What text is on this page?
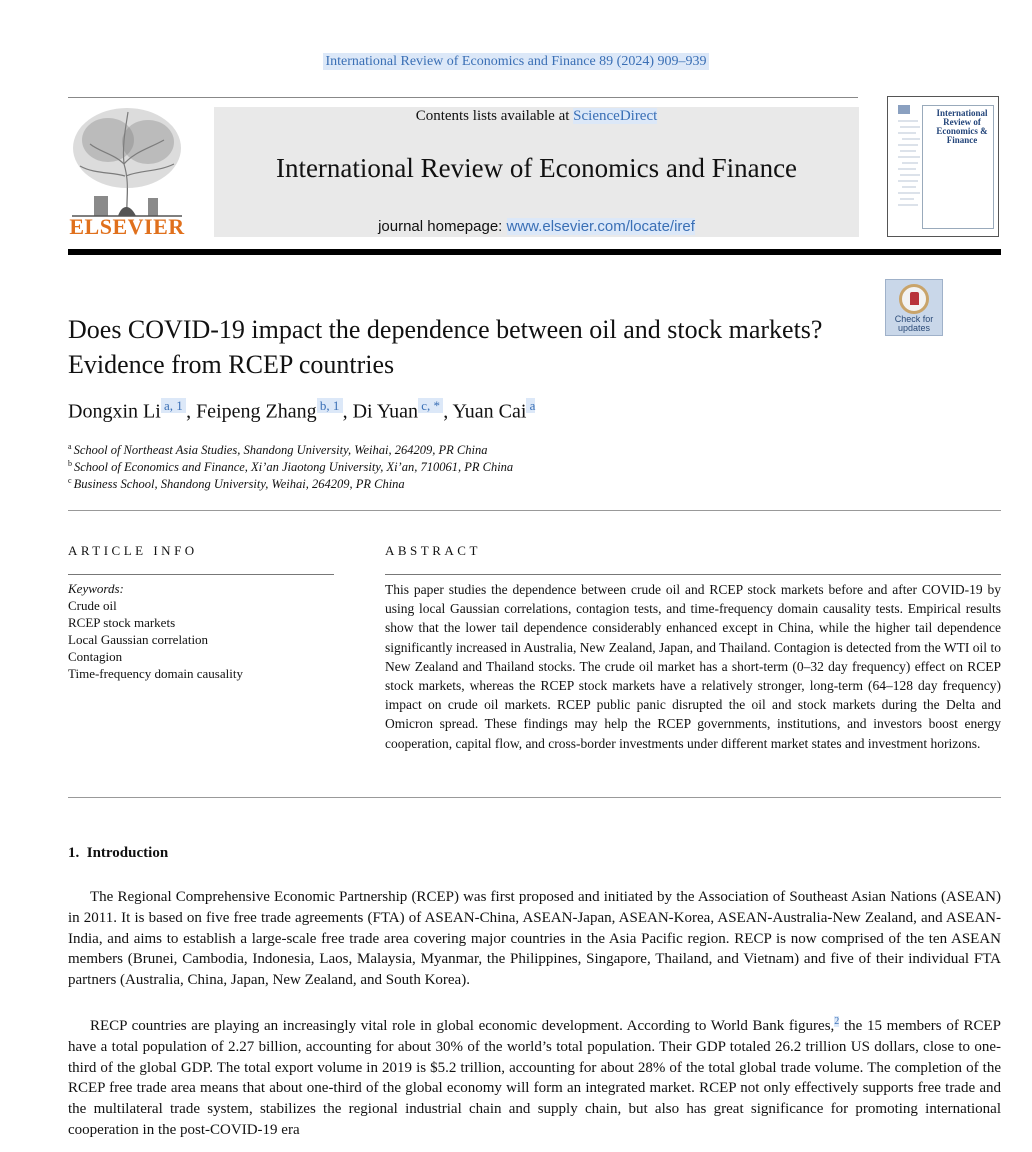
International Review of Economics and Finance 89 (2024) 909–939
ELSEVIER
Contents lists available at ScienceDirect
International Review of Economics and Finance
journal homepage: www.elsevier.com/locate/iref
International Review of Economics & Finance
Check for updates
Does COVID-19 impact the dependence between oil and stock markets? Evidence from RCEP countries
Dongxin Li $^{a, 1}$ , Feipeng Zhang $^{b, 1}$ , Di Yuan $^{c, *}$ , Yuan Cai $^a$
$^a$ School of Northeast Asia Studies, Shandong University, Weihai, 264209, PR China
$^b$ School of Economics and Finance, Xi’an Jiaotong University, Xi’an, 710061, PR China
$^c$ Business School, Shandong University, Weihai, 264209, PR China
ARTICLE INFO	ABSTRACT
Keywords:
Crude oil
RCEP stock markets
Local Gaussian correlation
Contagion
Time-frequency domain causality
This paper studies the dependence between crude oil and RCEP stock markets before and after COVID-19 by using local Gaussian correlations, contagion tests, and time-frequency domain causality tests. Empirical results show that the lower tail dependence considerably enhanced except in China, while the higher tail dependence significantly increased in Australia, New Zealand, Japan, and Thailand. Contagion is detected from the WTI oil to New Zealand and Thailand stocks. The crude oil market has a short-term (0–32 day frequency) effect on RCEP stock markets, whereas the RCEP stock markets have a relatively stronger, long-term (64–128 day frequency) impact on crude oil markets. RCEP public panic disrupted the oil and stock markets during the Delta and Omicron spread. These findings may help the RCEP governments, institutions, and investors boost energy cooperation, capital flow, and cross-border investments under different market states and investment horizons.
1.  Introduction
The Regional Comprehensive Economic Partnership (RCEP) was first proposed and initiated by the Association of Southeast Asian Nations (ASEAN) in 2011. It is based on five free trade agreements (FTA) of ASEAN-China, ASEAN-Japan, ASEAN-Korea, ASEAN-Australia-New Zealand, and ASEAN-India, and aims to establish a large-scale free trade area covering major countries in the Asia Pacific region. RECP is now comprised of the ten ASEAN members (Brunei, Cambodia, Indonesia, Laos, Malaysia, Myanmar, the Philippines, Singapore, Thailand, and Vietnam) and five of their individual FTA partners (Australia, China, Japan, New Zealand, and South Korea).
RECP countries are playing an increasingly vital role in global economic development. According to World Bank figures,$^2$ the 15 members of RCEP have a total population of 2.27 billion, accounting for about 30% of the world’s total population. Their GDP totaled 26.2 trillion US dollars, close to one-third of the global GDP. The total export volume in 2019 is $5.2 trillion, accounting for about 28% of the total global trade volume. The completion of the RCEP free trade area means that about one-third of the global economy will form an integrated market. RCEP not only effectively supports free trade and the multilateral trade system, stabilizes the regional industrial chain and supply chain, but also has great significance for promoting international cooperation in the post-COVID-19 era
